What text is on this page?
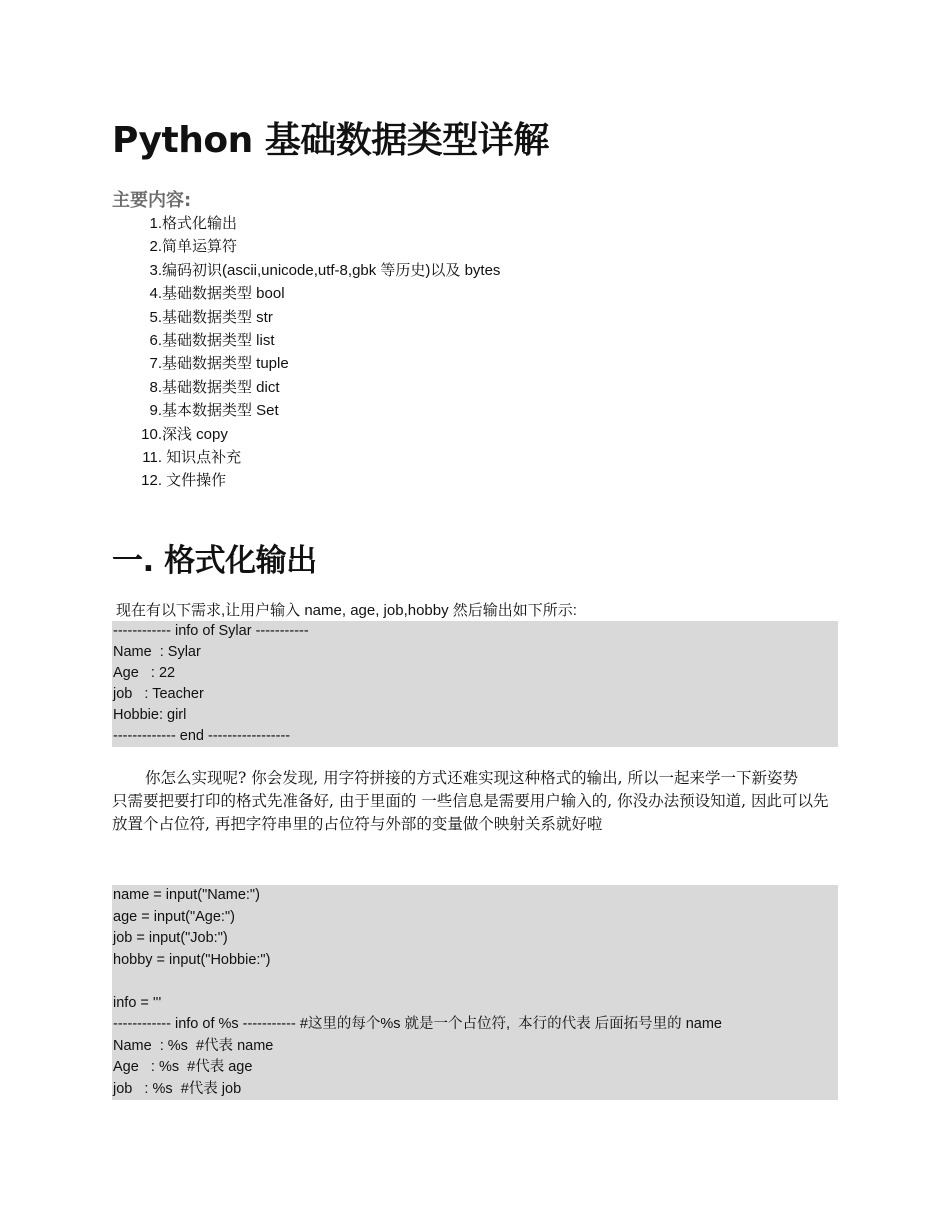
Python 基础数据类型详解
主要内容:
1.格式化输出
2.简单运算符
3.编码初识(ascii,unicode,utf-8,gbk 等历史)以及 bytes
4.基础数据类型 bool
5.基础数据类型 str
6.基础数据类型 list
7.基础数据类型 tuple
8.基础数据类型 dict
9.基本数据类型 Set
10.深浅 copy
11. 知识点补充
12. 文件操作
一. 格式化输出
现在有以下需求,让用户输入 name, age, job,hobby 然后输出如下所示:
------------ info of Sylar -----------
Name  : Sylar
Age   : 22
job   : Teacher
Hobbie: girl
------------- end -----------------

你怎么实现呢? 你会发现, 用字符拼接的方式还难实现这种格式的输出, 所以一起来学一下新姿势

只需要把要打印的格式先准备好, 由于里面的 一些信息是需要用户输入的, 你没办法预设知道, 因此可以先放置个占位符, 再把字符串里的占位符与外部的变量做个映射关系就好啦

name = input("Name:")
age = input("Age:")
job = input("Job:")
hobby = input("Hobbie:")
info = '''
------------ info of %s ----------- #这里的每个%s 就是一个占位符,  本行的代表 后面拓号里的 name
Name  : %s  #代表 name
Age   : %s  #代表 age
job   : %s  #代表 job
